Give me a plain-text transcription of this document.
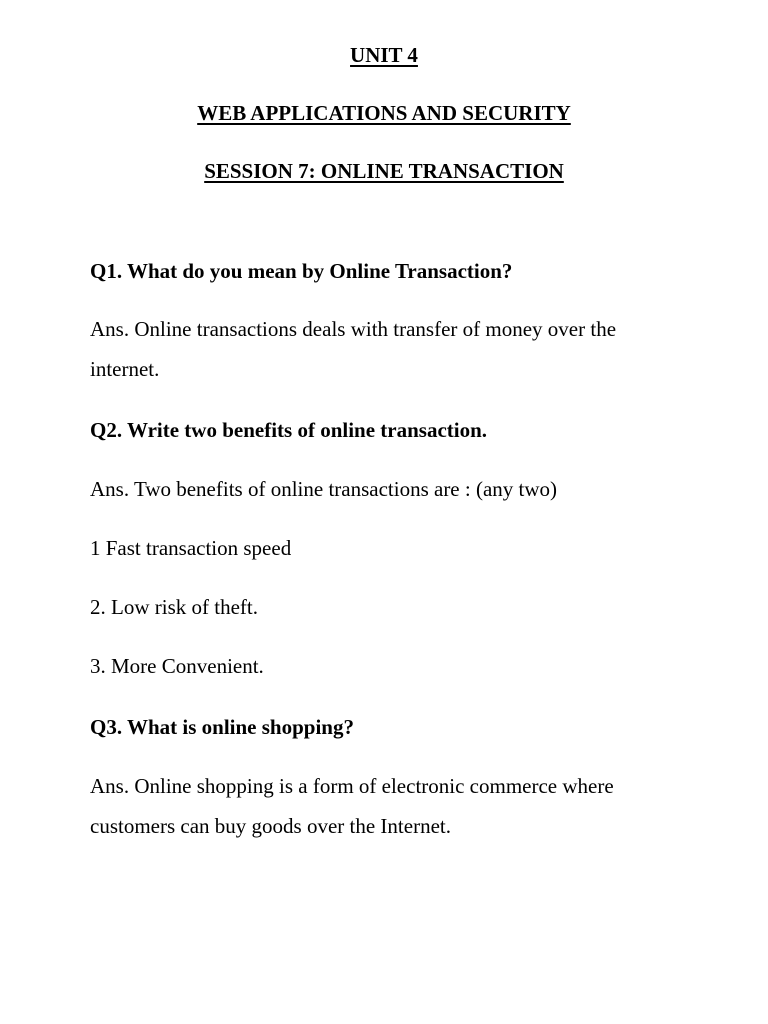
UNIT 4
WEB APPLICATIONS AND SECURITY
SESSION 7: ONLINE TRANSACTION
Q1. What do you mean by Online Transaction?
Ans. Online transactions deals with transfer of money over the
internet.
Q2. Write two benefits of online transaction.
Ans. Two benefits of online transactions are : (any two)
1 Fast transaction speed
2. Low risk of theft.
3. More Convenient.
Q3. What is online shopping?
Ans. Online shopping is a form of electronic commerce where
customers can buy goods over the Internet.
